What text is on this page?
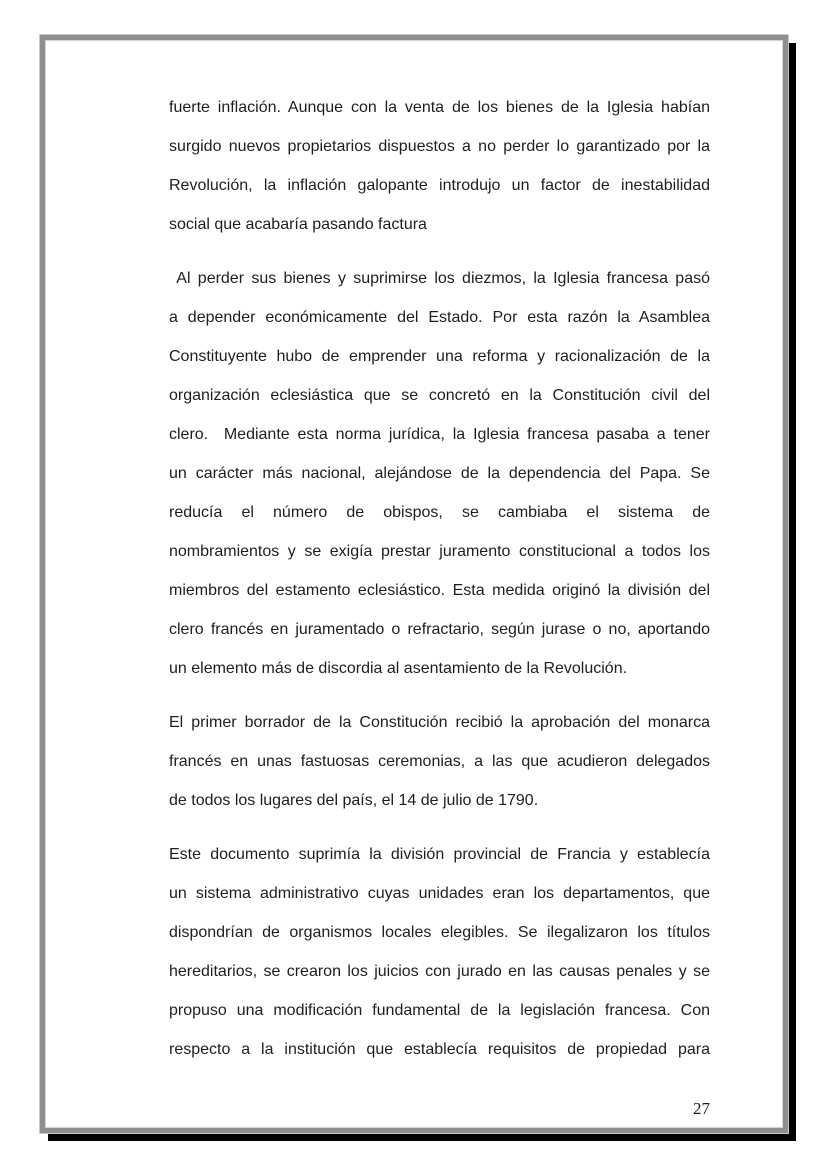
fuerte inflación. Aunque con la venta de los bienes de la Iglesia habían
surgido nuevos propietarios dispuestos a no perder lo garantizado por la
Revolución, la inflación galopante introdujo un factor de inestabilidad
social que acabaría pasando factura
Al perder sus bienes y suprimirse los diezmos, la Iglesia francesa pasó
a depender económicamente del Estado. Por esta razón la Asamblea
Constituyente hubo de emprender una reforma y racionalización de la
organización eclesiástica que se concretó en la Constitución civil del
clero.  Mediante esta norma jurídica, la Iglesia francesa pasaba a tener
un carácter más nacional, alejándose de la dependencia del Papa. Se
reducía el número de obispos, se cambiaba el sistema de
nombramientos y se exigía prestar juramento constitucional a todos los
miembros del estamento eclesiástico. Esta medida originó la división del
clero francés en juramentado o refractario, según jurase o no, aportando
un elemento más de discordia al asentamiento de la Revolución.
El primer borrador de la Constitución recibió la aprobación del monarca
francés en unas fastuosas ceremonias, a las que acudieron delegados
de todos los lugares del país, el 14 de julio de 1790.
Este documento suprimía la división provincial de Francia y establecía
un sistema administrativo cuyas unidades eran los departamentos, que
dispondrían de organismos locales elegibles. Se ilegalizaron los títulos
hereditarios, se crearon los juicios con jurado en las causas penales y se
propuso una modificación fundamental de la legislación francesa. Con
respecto a la institución que establecía requisitos de propiedad para
27
